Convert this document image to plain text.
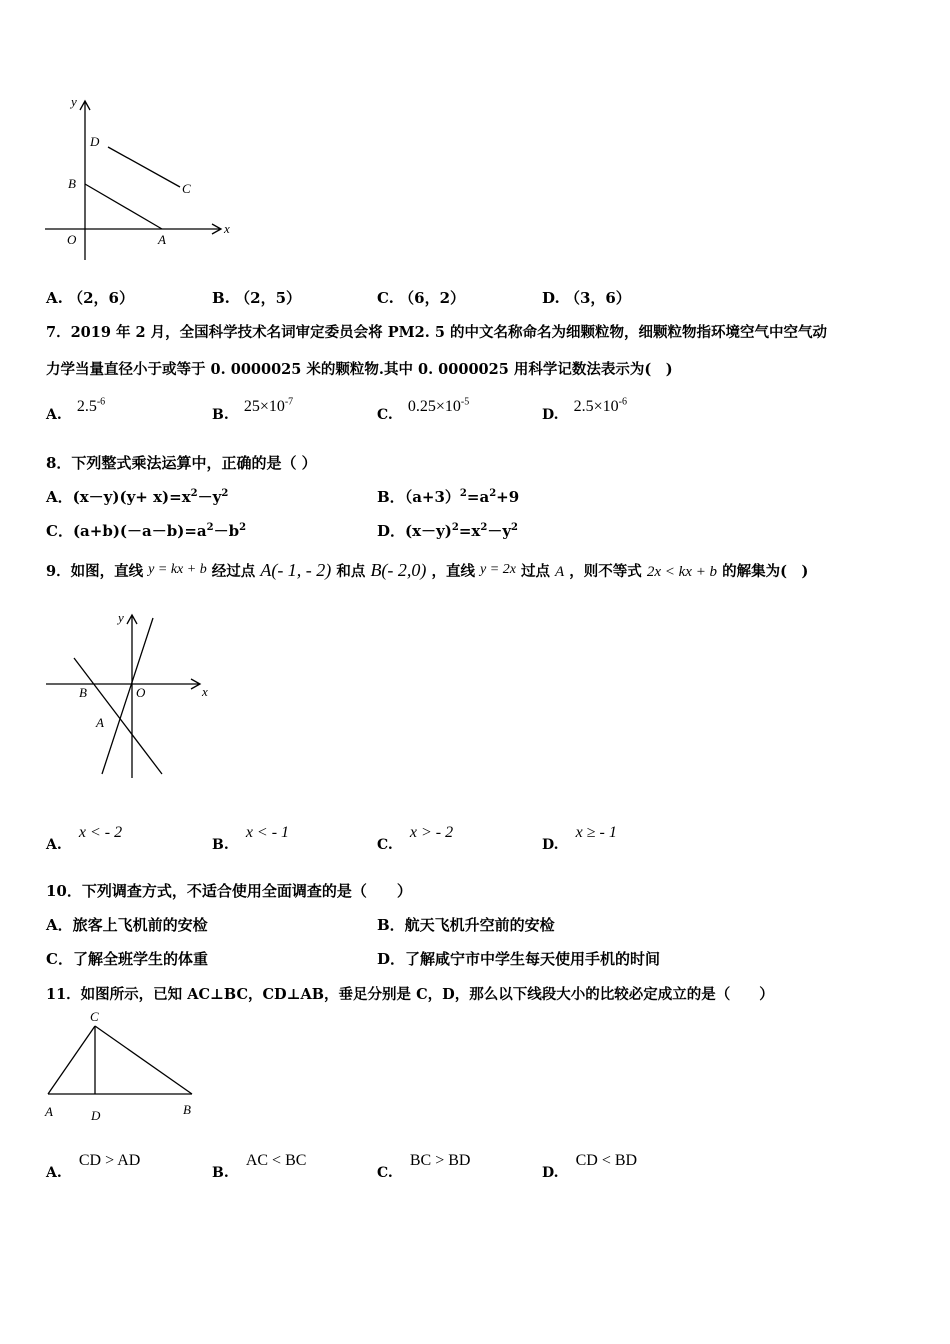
y
x
O	A
B	C
D
A. （2，6）	B. （2，5）	C. （6，2）	D. （3，6）
7．2019 年 2 月，全国科学技术名词审定委员会将 PM2. 5 的中文名称命名为细颗粒物，细颗粒物指环境空气中空气动
力学当量直径小于或等于 0. 0000025 米的颗粒物.其中 0. 0000025 用科学记数法表示为(　)
A. $2.5^{-6}$
B. $25\times 10^{-7}$
C. $0.25\times 10^{-5}$
D. $2.5\times 10^{-6}$
8．下列整式乘法运算中，正确的是（ ）
A．$(x-y)(y+ x)=x^2-y^2$	B．$(a+3)^2=a^2+9$
C．$(a+b)(-a-b)=a^2-b^2$	D．$(x-y)^2=x^2-y^2$
9．如图，直线 y = kx + b 经过点 A(- 1, - 2) 和点 B(- 2,0) ，直线 y = 2x 过点 A ，则不等式 2x < kx + b 的解集为(　)
y
x
O
B
A
A. x < - 2
B. x < - 1
C. x > - 2
D. x ≥ - 1
10．下列调查方式，不适合使用全面调查的是（　　）
A．旅客上飞机前的安检	B．航天飞机升空前的安检
C．了解全班学生的体重	D．了解咸宁市中学生每天使用手机的时间
11．如图所示，已知 AC⊥BC，CD⊥AB，垂足分别是 C，D，那么以下线段大小的比较必定成立的是（　　）
C
A	D	B
A. CD > AD
B. AC < BC
C. BC > BD
D. CD < BD
